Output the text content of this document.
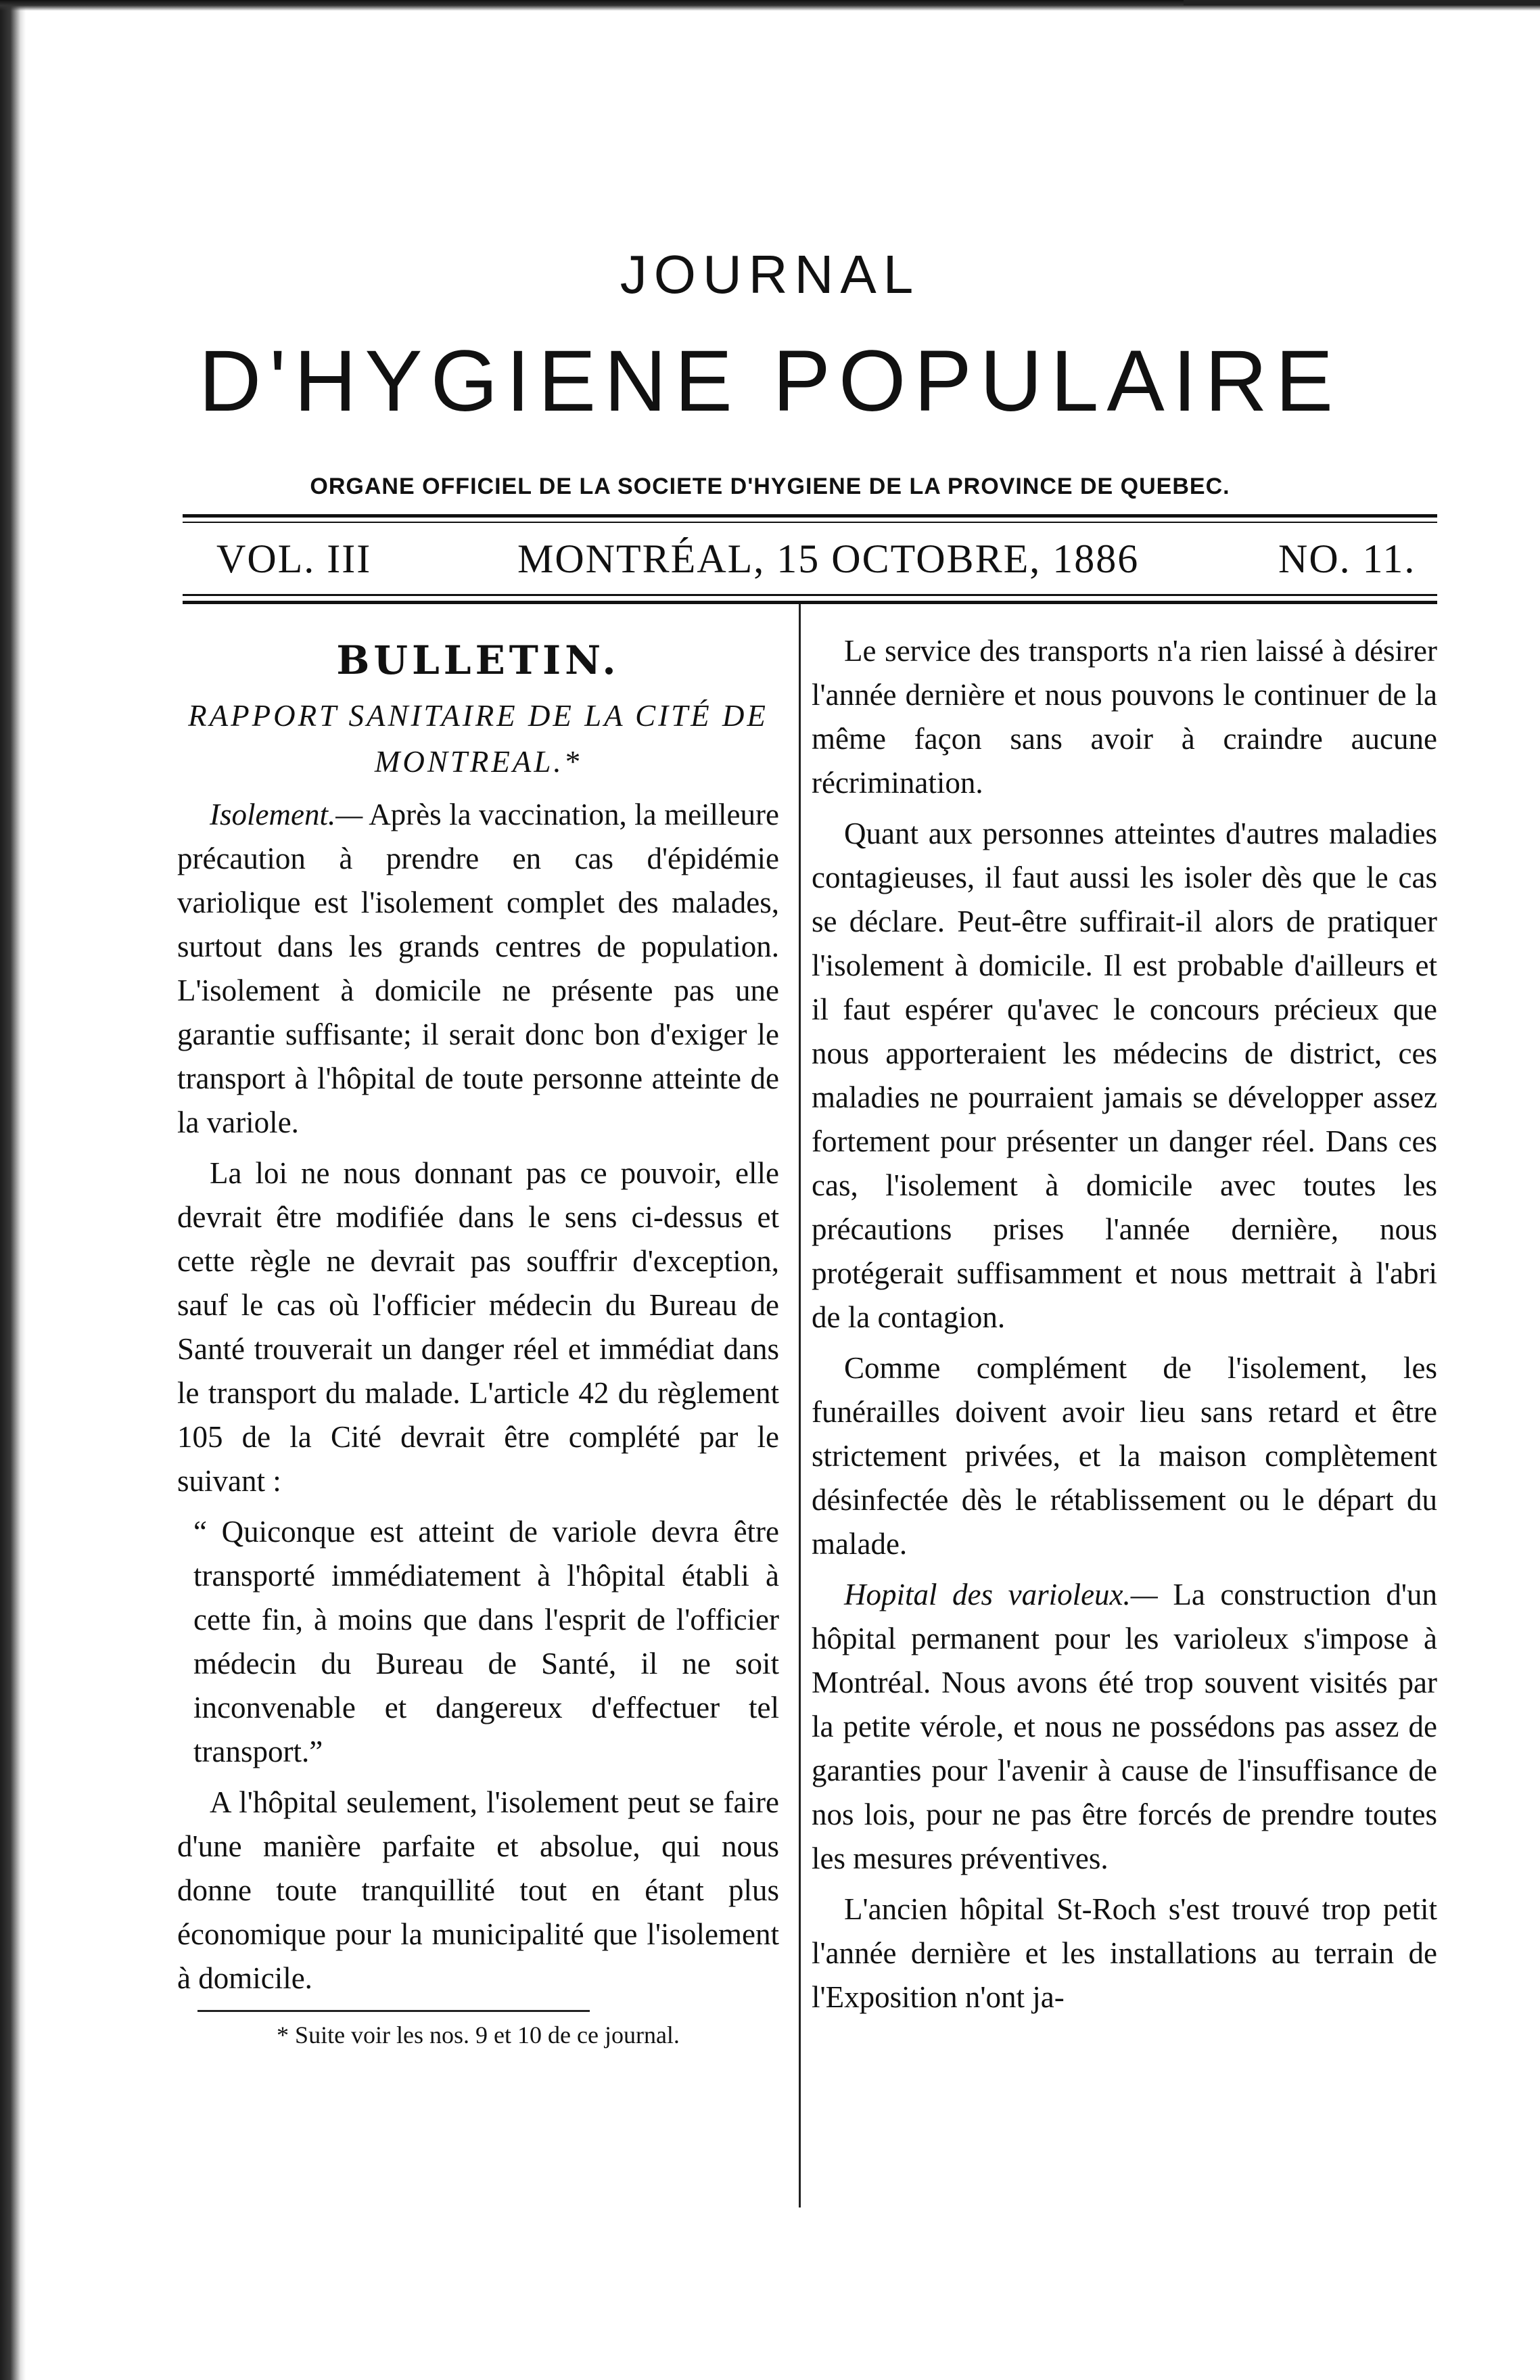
JOURNAL
D'HYGIENE POPULAIRE
ORGANE OFFICIEL DE LA SOCIETE D'HYGIENE DE LA PROVINCE DE QUEBEC.
VOL. III	MONTRÉAL, 15 OCTOBRE, 1886	NO. 11.
BULLETIN.
RAPPORT SANITAIRE DE LA CITÉ DE MONTREAL.*

Isolement.— Après la vaccination, la meilleure précaution à prendre en cas d'épidémie variolique est l'isolement complet des malades, surtout dans les grands centres de population. L'isolement à domicile ne présente pas une garantie suffisante; il serait donc bon d'exiger le transport à l'hôpital de toute personne atteinte de la variole.

La loi ne nous donnant pas ce pouvoir, elle devrait être modifiée dans le sens ci-dessus et cette règle ne devrait pas souffrir d'exception, sauf le cas où l'officier médecin du Bureau de Santé trouverait un danger réel et immédiat dans le transport du malade. L'article 42 du règlement 105 de la Cité devrait être complété par le suivant :

“ Quiconque est atteint de variole devra être transporté immédiatement à l'hôpital établi à cette fin, à moins que dans l'esprit de l'officier médecin du Bureau de Santé, il ne soit inconvenable et dangereux d'effectuer tel transport.”

A l'hôpital seulement, l'isolement peut se faire d'une manière parfaite et absolue, qui nous donne toute tranquillité tout en étant plus économique pour la municipalité que l'isolement à domicile.

* Suite voir les nos. 9 et 10 de ce journal.

Le service des transports n'a rien laissé à désirer l'année dernière et nous pouvons le continuer de la même façon sans avoir à craindre aucune récrimination.

Quant aux personnes atteintes d'autres maladies contagieuses, il faut aussi les isoler dès que le cas se déclare. Peut-être suffirait-il alors de pratiquer l'isolement à domicile. Il est probable d'ailleurs et il faut espérer qu'avec le concours précieux que nous apporteraient les médecins de district, ces maladies ne pourraient jamais se développer assez fortement pour présenter un danger réel. Dans ces cas, l'isolement à domicile avec toutes les précautions prises l'année dernière, nous protégerait suffisamment et nous mettrait à l'abri de la contagion.

Comme complément de l'isolement, les funérailles doivent avoir lieu sans retard et être strictement privées, et la maison complètement désinfectée dès le rétablissement ou le départ du malade.

Hopital des varioleux.— La construction d'un hôpital permanent pour les varioleux s'impose à Montréal. Nous avons été trop souvent visités par la petite vérole, et nous ne possédons pas assez de garanties pour l'avenir à cause de l'insuffisance de nos lois, pour ne pas être forcés de prendre toutes les mesures préventives.

L'ancien hôpital St-Roch s'est trouvé trop petit l'année dernière et les installations au terrain de l'Exposition n'ont ja-
